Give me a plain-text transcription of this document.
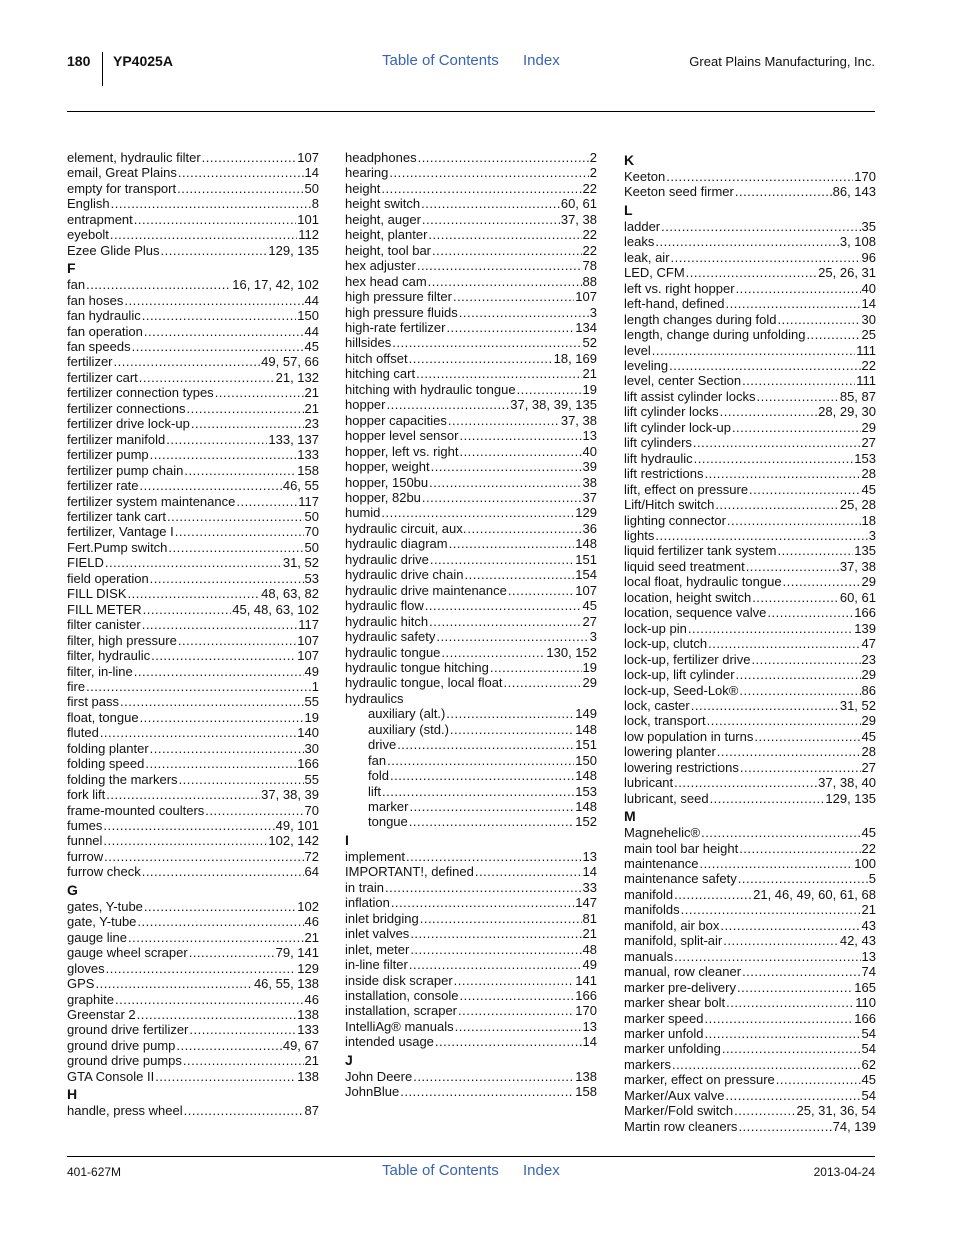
180 YP4025A	Table of Contents Index	Great Plains Manufacturing, Inc.
element, hydraulic filter .....	107
email, Great Plains .....	14
empty for transport .....	50
English .....	8
entrapment .....	101
eyebolt .....	112
Ezee Glide Plus .....	129, 135
F
fan .....	16, 17, 42, 102
fan hoses .....	44
fan hydraulic .....	150
fan operation .....	44
fan speeds .....	45
fertilizer .....	49, 57, 66
fertilizer cart .....	21, 132
fertilizer connection types .....	21
fertilizer connections .....	21
fertilizer drive lock-up .....	23
fertilizer manifold .....	133, 137
fertilizer pump .....	133
fertilizer pump chain .....	158
fertilizer rate .....	46, 55
fertilizer system maintenance .....	117
fertilizer tank cart .....	50
fertilizer, Vantage I .....	70
Fert.Pump switch .....	50
FIELD .....	31, 52
field operation .....	53
FILL DISK .....	48, 63, 82
FILL METER .....	45, 48, 63, 102
filter canister .....	117
filter, high pressure .....	107
filter, hydraulic .....	107
filter, in-line .....	49
fire .....	1
first pass .....	55
float, tongue .....	19
fluted .....	140
folding planter .....	30
folding speed .....	166
folding the markers .....	55
fork lift .....	37, 38, 39
frame-mounted coulters .....	70
fumes .....	49, 101
funnel .....	102, 142
furrow .....	72
furrow check .....	64
G
gates, Y-tube .....	102
gate, Y-tube .....	46
gauge line .....	21
gauge wheel scraper .....	79, 141
gloves .....	129
GPS .....	46, 55, 138
graphite .....	46
Greenstar 2 .....	138
ground drive fertilizer .....	133
ground drive pump .....	49, 67
ground drive pumps .....	21
GTA Console II .....	138
H
handle, press wheel .....	87
headphones .....	2
hearing .....	2
height .....	22
height switch .....	60, 61
height, auger .....	37, 38
height, planter .....	22
height, tool bar .....	22
hex adjuster .....	78
hex head cam .....	88
high pressure filter .....	107
high pressure fluids .....	3
high-rate fertilizer .....	134
hillsides .....	52
hitch offset .....	18, 169
hitching cart .....	21
hitching with hydraulic tongue .....	19
hopper .....	37, 38, 39, 135
hopper capacities .....	37, 38
hopper level sensor .....	13
hopper, left vs. right .....	40
hopper, weight .....	39
hopper, 150bu .....	38
hopper, 82bu .....	37
humid .....	129
hydraulic circuit, aux. .....	36
hydraulic diagram .....	148
hydraulic drive .....	151
hydraulic drive chain .....	154
hydraulic drive maintenance .....	107
hydraulic flow .....	45
hydraulic hitch .....	27
hydraulic safety .....	3
hydraulic tongue .....	130, 152
hydraulic tongue hitching .....	19
hydraulic tongue, local float .....	29
hydraulics
auxiliary (alt.) .....	149
auxiliary (std.) .....	148
drive .....	151
fan .....	150
fold .....	148
lift .....	153
marker .....	148
tongue .....	152
I
implement .....	13
IMPORTANT!, defined .....	14
in train .....	33
inflation .....	147
inlet bridging .....	81
inlet valves .....	21
inlet, meter .....	48
in-line filter .....	49
inside disk scraper .....	141
installation, console .....	166
installation, scraper .....	170
IntelliAg® manuals .....	13
intended usage .....	14
J
John Deere .....	138
JohnBlue .....	158
K
Keeton .....	170
Keeton seed firmer .....	86, 143
L
ladder .....	35
leaks .....	3, 108
leak, air .....	96
LED, CFM .....	25, 26, 31
left vs. right hopper .....	40
left-hand, defined .....	14
length changes during fold .....	30
length, change during unfolding .....	25
level .....	111
leveling .....	22
level, center Section .....	111
lift assist cylinder locks .....	85, 87
lift cylinder locks .....	28, 29, 30
lift cylinder lock-up .....	29
lift cylinders .....	27
lift hydraulic .....	153
lift restrictions .....	28
lift, effect on pressure .....	45
Lift/Hitch switch .....	25, 28
lighting connector .....	18
lights .....	3
liquid fertilizer tank system .....	135
liquid seed treatment .....	37, 38
local float, hydraulic tongue .....	29
location, height switch .....	60, 61
location, sequence valve .....	166
lock-up pin .....	139
lock-up, clutch .....	47
lock-up, fertilizer drive .....	23
lock-up, lift cylinder .....	29
lock-up, Seed-Lok® .....	86
lock, caster .....	31, 52
lock, transport .....	29
low population in turns .....	45
lowering planter .....	28
lowering restrictions .....	27
lubricant .....	37, 38, 40
lubricant, seed .....	129, 135
M
Magnehelic® .....	45
main tool bar height .....	22
maintenance .....	100
maintenance safety .....	5
manifold .....	21, 46, 49, 60, 61, 68
manifolds .....	21
manifold, air box .....	43
manifold, split-air .....	42, 43
manuals .....	13
manual, row cleaner .....	74
marker pre-delivery .....	165
marker shear bolt .....	110
marker speed .....	166
marker unfold .....	54
marker unfolding .....	54
markers .....	62
marker, effect on pressure .....	45
Marker/Aux valve .....	54
Marker/Fold switch .....	25, 31, 36, 54
Martin row cleaners .....	74, 139
401-627M	Table of Contents Index	2013-04-24
